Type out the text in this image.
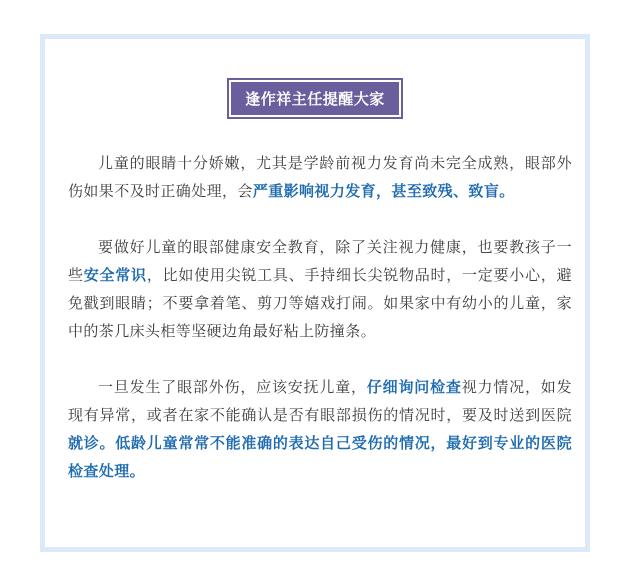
逢作祥主任提醒大家

儿童的眼睛十分娇嫩，尤其是学龄前视力发育尚未完全成熟，眼部外伤如果不及时正确处理，会严重影响视力发育，甚至致残、致盲。

要做好儿童的眼部健康安全教育，除了关注视力健康，也要教孩子一些安全常识，比如使用尖锐工具、手持细长尖锐物品时，一定要小心，避免戳到眼睛；不要拿着笔、剪刀等嬉戏打闹。如果家中有幼小的儿童，家中的茶几床头柜等坚硬边角最好粘上防撞条。

一旦发生了眼部外伤，应该安抚儿童，仔细询问检查视力情况，如发现有异常，或者在家不能确认是否有眼部损伤的情况时，要及时送到医院就诊。低龄儿童常常不能准确的表达自己受伤的情况，最好到专业的医院检查处理。
